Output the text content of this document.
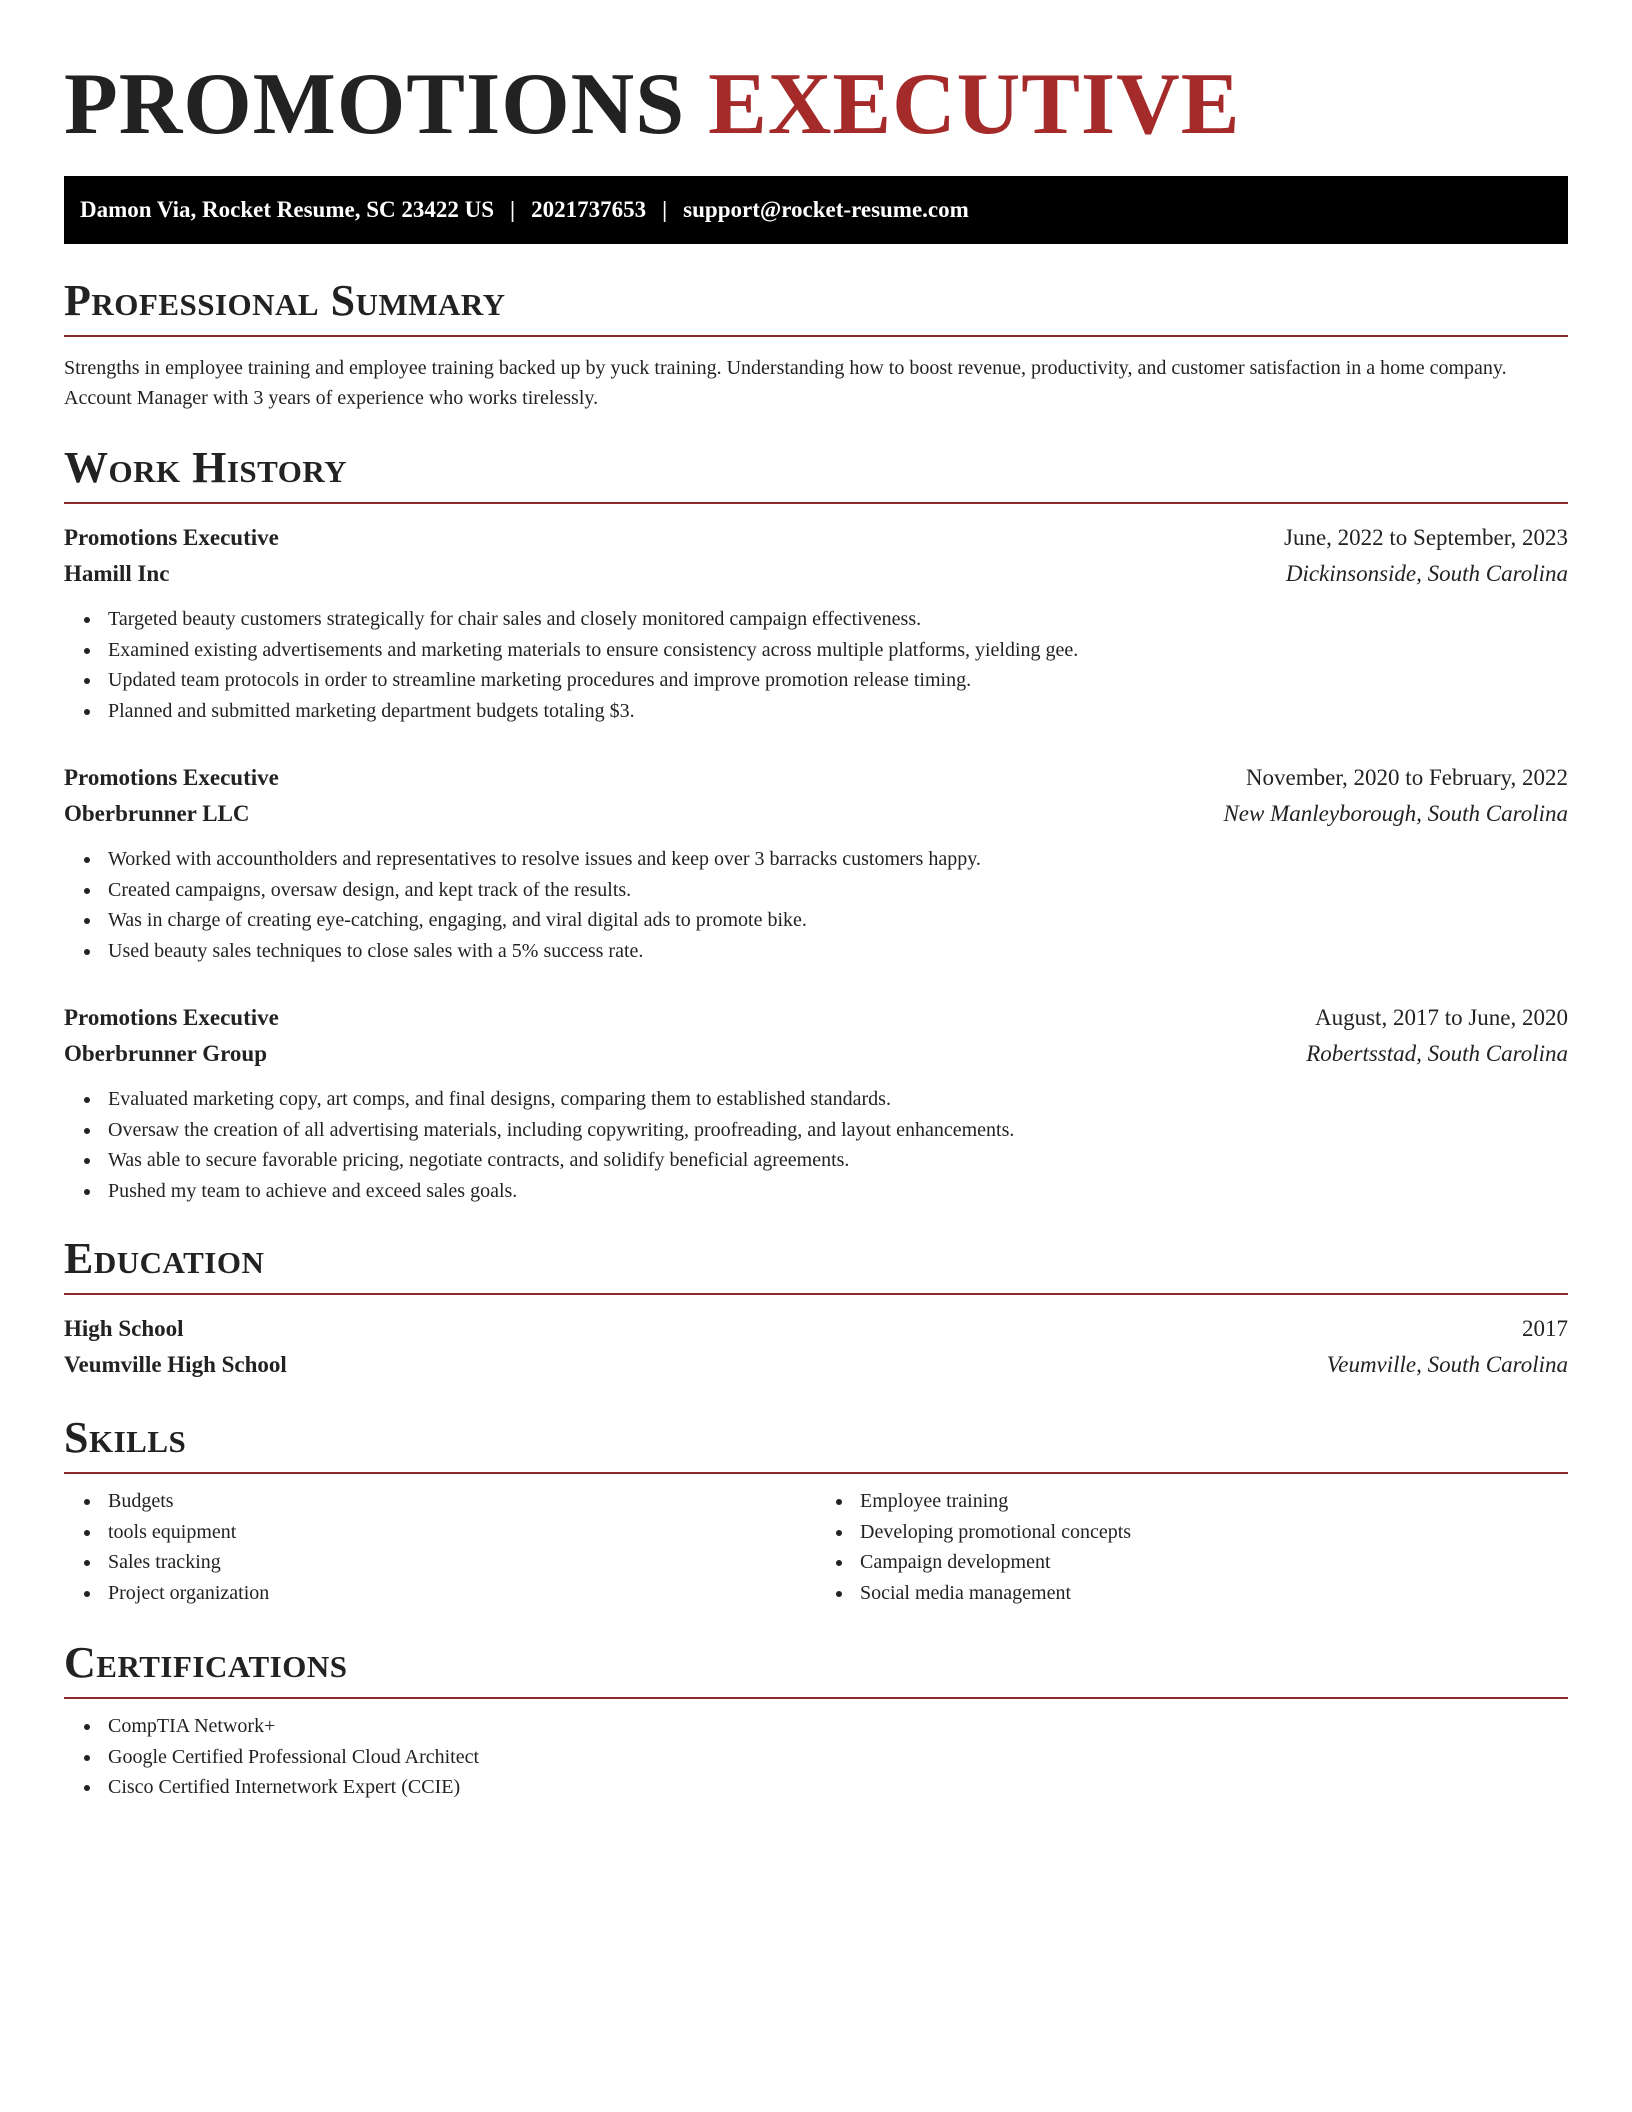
PROMOTIONS EXECUTIVE
Damon Via, Rocket Resume, SC 23422 US | 2021737653 | support@rocket-resume.com
Professional Summary

Strengths in employee training and employee training backed up by yuck training. Understanding how to boost revenue, productivity, and customer satisfaction in a home company. Account Manager with 3 years of experience who works tirelessly.

Work History
Promotions Executive	June, 2022 to September, 2023
Hamill Inc	Dickinsonside, South Carolina
Targeted beauty customers strategically for chair sales and closely monitored campaign effectiveness.
Examined existing advertisements and marketing materials to ensure consistency across multiple platforms, yielding gee.
Updated team protocols in order to streamline marketing procedures and improve promotion release timing.
Planned and submitted marketing department budgets totaling $3.
Promotions Executive	November, 2020 to February, 2022
Oberbrunner LLC	New Manleyborough, South Carolina
Worked with accountholders and representatives to resolve issues and keep over 3 barracks customers happy.
Created campaigns, oversaw design, and kept track of the results.
Was in charge of creating eye-catching, engaging, and viral digital ads to promote bike.
Used beauty sales techniques to close sales with a 5% success rate.
Promotions Executive	August, 2017 to June, 2020
Oberbrunner Group	Robertsstad, South Carolina
Evaluated marketing copy, art comps, and final designs, comparing them to established standards.
Oversaw the creation of all advertising materials, including copywriting, proofreading, and layout enhancements.
Was able to secure favorable pricing, negotiate contracts, and solidify beneficial agreements.
Pushed my team to achieve and exceed sales goals.
Education
High School	2017
Veumville High School	Veumville, South Carolina
Skills
Budgets
tools equipment
Sales tracking
Project organization
Employee training
Developing promotional concepts
Campaign development
Social media management
Certifications
CompTIA Network+
Google Certified Professional Cloud Architect
Cisco Certified Internetwork Expert (CCIE)
